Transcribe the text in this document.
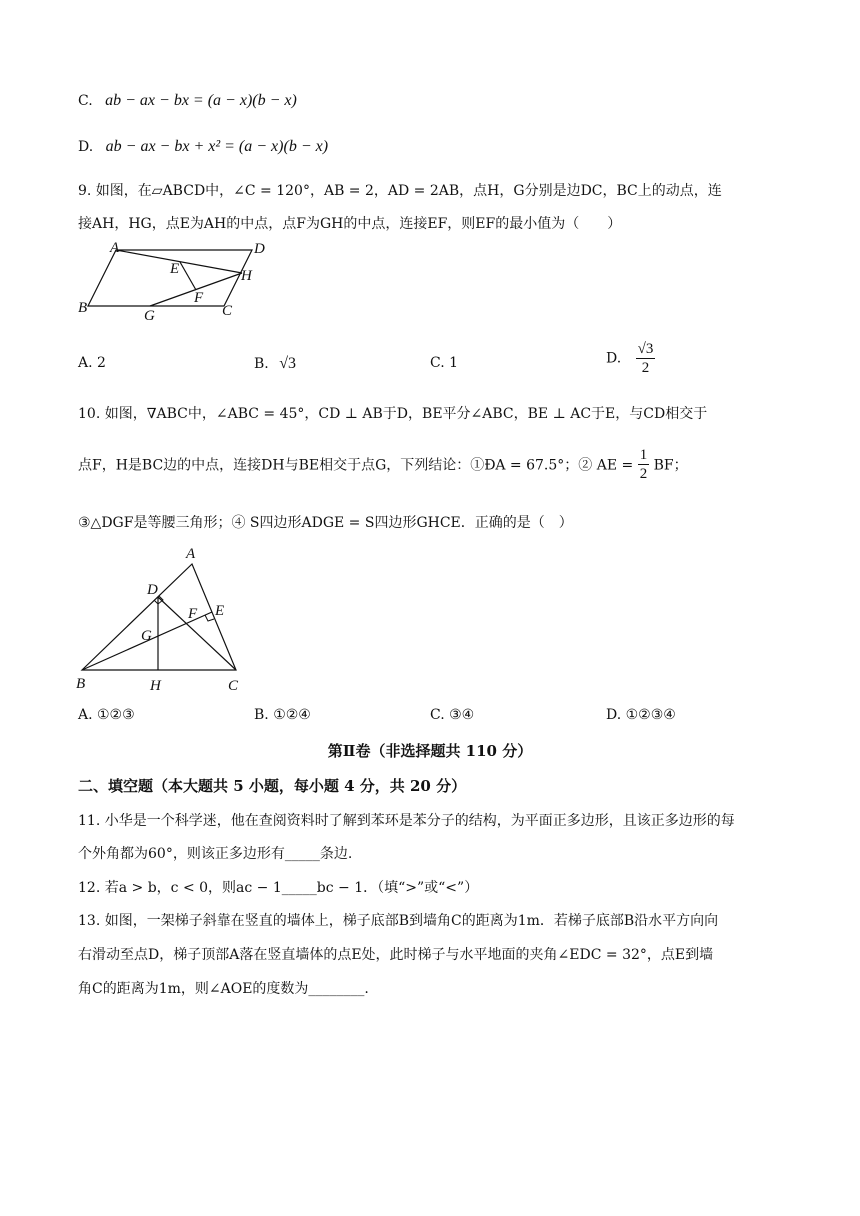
C. ab − ax − bx = (a − x)(b − x)
D. ab − ax − bx + x² = (a − x)(b − x)
9. 如图，在▱ABCD中，∠C = 120°，AB = 2，AD = 2AB，点H，G分别是边DC，BC上的动点，连
接AH，HG，点E为AH的中点，点F为GH的中点，连接EF，则EF的最小值为（　　）
A	D
E	H
F
B	G	C
A. 2	B. √3	C. 1	D. $\frac{√3}{2}$
10. 如图，∇ABC中，∠ABC = 45°，CD ⊥ AB于D，BE平分∠ABC，BE ⊥ AC于E，与CD相交于
点F，H是BC边的中点，连接DH与BE相交于点G，下列结论：①ÐA = 67.5°；② AE = $\frac{1}{2}$ BF；
③△DGF是等腰三角形；④ S四边形ADGE = S四边形GHCE．正确的是（　）
A
D
F E
G
B	H	C
A. ①②③	B. ①②④	C. ③④	D. ①②③④
第Ⅱ卷（非选择题共 110 分）
二、填空题（本大题共 5 小题，每小题 4 分，共 20 分）
11. 小华是一个科学迷，他在查阅资料时了解到苯环是苯分子的结构，为平面正多边形，且该正多边形的每
个外角都为60°，则该正多边形有_____条边.
12. 若a > b，c < 0，则ac − 1_____bc − 1．（填“>”或“<”）
13. 如图，一架梯子斜靠在竖直的墙体上，梯子底部B到墙角C的距离为1m．若梯子底部B沿水平方向向
右滑动至点D，梯子顶部A落在竖直墙体的点E处，此时梯子与水平地面的夹角∠EDC = 32°，点E到墙
角C的距离为1m，则∠AOE的度数为________.
